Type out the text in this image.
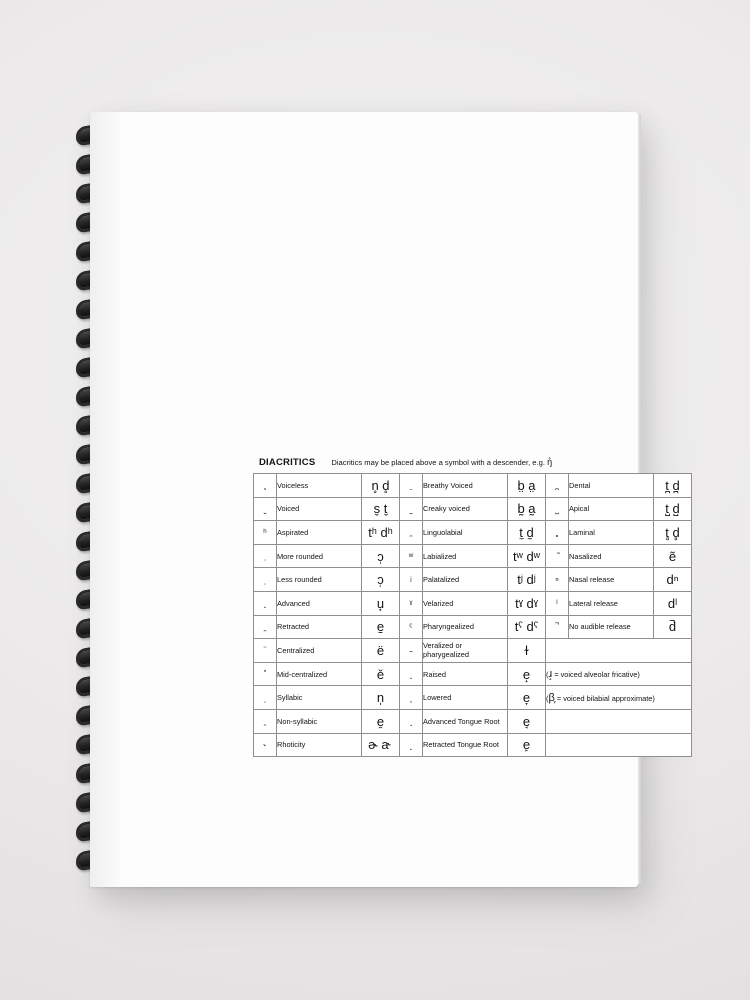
DIACRITICS Diacritics may be placed above a symbol with a descender, e.g. ŋ̊
	Voiceless	n̥ d̥		Breathy Voiced	b̤ a̤		Dental	t̪ d̪
	Voiced	s̬ t̬		Creaky voiced	b̰ a̰		Apical	t̺ d̺
ʰ	Aspirated	tʰ dʰ		Linguolabial	t̼ d̼		Laminal	t̻ d̻
	More rounded	ɔ̹	ʷ	Labialized	tʷ dʷ		Nasalized	ẽ
	Less rounded	ɔ̜	ʲ	Palatalized	tʲ dʲ	ⁿ	Nasal release	dⁿ
	Advanced	u̟	ˠ	Velarized	tˠ dˠ	ˡ	Lateral release	dˡ
	Retracted	e̠	ˤ	Pharyngealized	tˤ dˤ		No audible release	d̚
	Centralized	ë		Veralized or pharygealized	ɫ			
	Mid-centralized	ě		Raised	e̝	(ɹ̝ = voiced alveolar fricative)		
	Syllabic	n̩		Lowered	e̞	(β̞ = voiced bilabial approximate)		
	Non-syllabic	e̯		Advanced Tongue Root	e̘			
˞	Rhoticity	ɚ a˞		Retracted Tongue Root	e̙			
